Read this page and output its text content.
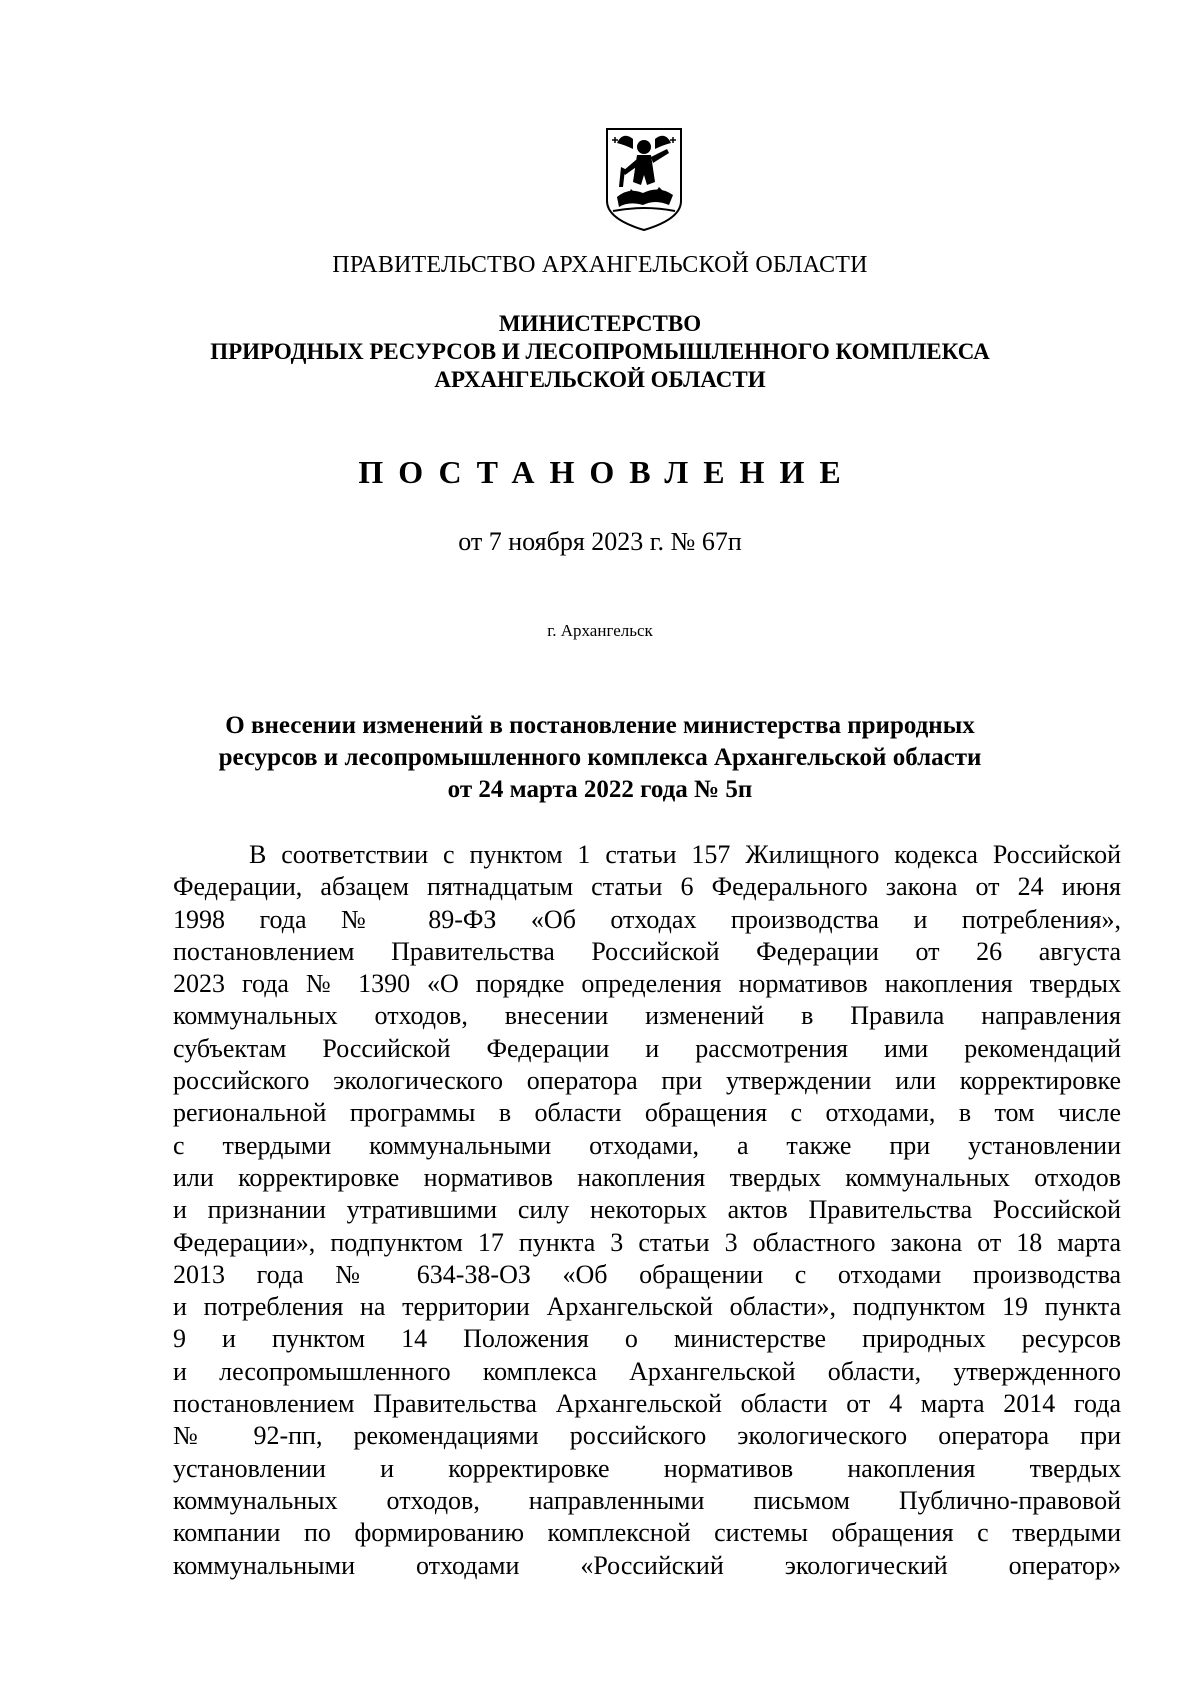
ПРАВИТЕЛЬСТВО АРХАНГЕЛЬСКОЙ ОБЛАСТИ
МИНИСТЕРСТВО
ПРИРОДНЫХ РЕСУРСОВ И ЛЕСОПРОМЫШЛЕННОГО КОМПЛЕКСА
АРХАНГЕЛЬСКОЙ ОБЛАСТИ
ПОСТАНОВЛЕНИЕ
от 7 ноября 2023 г. № 67п
г. Архангельск
О внесении изменений в постановление министерства природных
ресурсов и лесопромышленного комплекса Архангельской области
от 24 марта 2022 года № 5п
В соответствии с пунктом 1 статьи 157 Жилищного кодекса Российской
Федерации, абзацем пятнадцатым статьи 6 Федерального закона от 24 июня
1998 года № 89-ФЗ «Об отходах производства и потребления»,
постановлением Правительства Российской Федерации от 26 августа
2023 года № 1390 «О порядке определения нормативов накопления твердых
коммунальных отходов, внесении изменений в Правила направления
субъектам Российской Федерации и рассмотрения ими рекомендаций
российского экологического оператора при утверждении или корректировке
региональной программы в области обращения с отходами, в том числе
с твердыми коммунальными отходами, а также при установлении
или корректировке нормативов накопления твердых коммунальных отходов
и признании утратившими силу некоторых актов Правительства Российской
Федерации», подпунктом 17 пункта 3 статьи 3 областного закона от 18 марта
2013 года № 634-38-ОЗ «Об обращении с отходами производства
и потребления на территории Архангельской области», подпунктом 19 пункта
9 и пунктом 14 Положения о министерстве природных ресурсов
и лесопромышленного комплекса Архангельской области, утвержденного
постановлением Правительства Архангельской области от 4 марта 2014 года
№ 92-пп, рекомендациями российского экологического оператора при
установлении и корректировке нормативов накопления твердых
коммунальных отходов, направленными письмом Публично-правовой
компании по формированию комплексной системы обращения с твердыми
коммунальными отходами «Российский экологический оператор»
